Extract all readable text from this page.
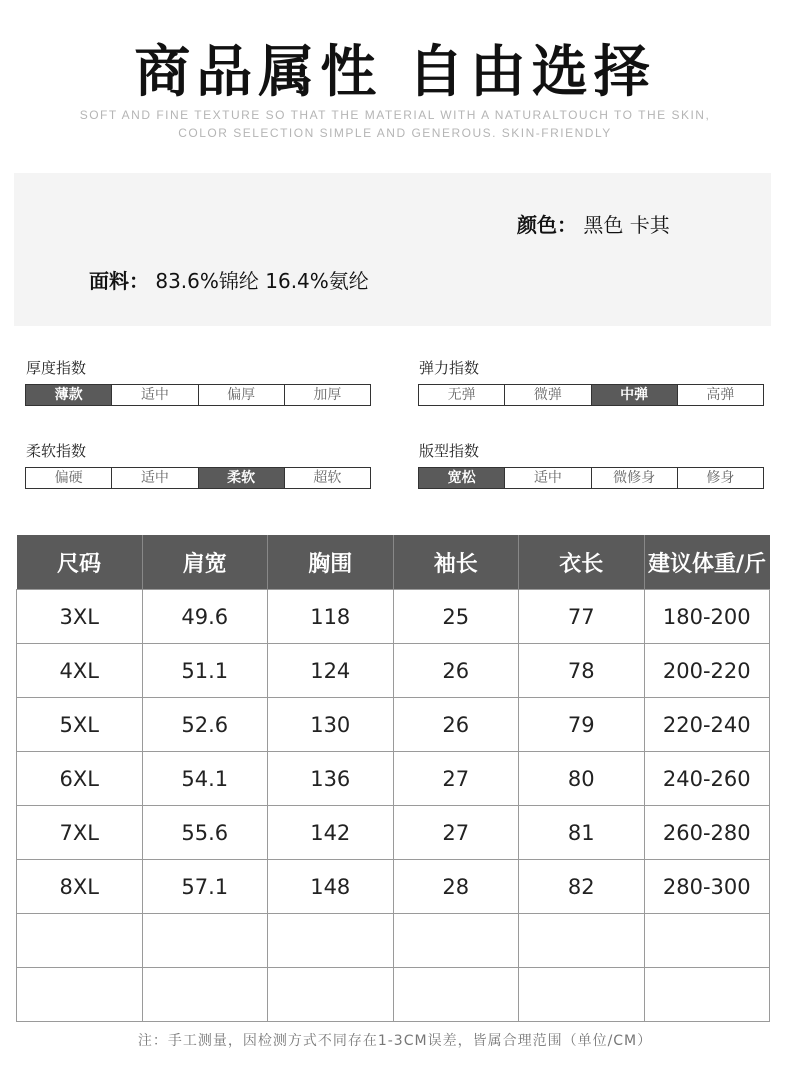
商品属性 自由选择
SOFT AND FINE TEXTURE SO THAT THE MATERIAL WITH A NATURALTOUCH TO THE SKIN,
COLOR SELECTION SIMPLE AND GENEROUS. SKIN-FRIENDLY
颜色： 黑色 卡其
面料： 83.6%锦纶 16.4%氨纶
厚度指数
薄款	适中	偏厚	加厚
弹力指数
无弹	微弹	中弹	高弹
柔软指数
偏硬	适中	柔软	超软
版型指数
宽松	适中	微修身	修身
尺码	肩宽	胸围	袖长	衣长	建议体重/斤
3XL	49.6	118	25	77	180-200
4XL	51.1	124	26	78	200-220
5XL	52.6	130	26	79	220-240
6XL	54.1	136	27	80	240-260
7XL	55.6	142	27	81	260-280
8XL	57.1	148	28	82	280-300

注：手工测量，因检测方式不同存在1-3CM误差，皆属合理范围（单位/CM）
